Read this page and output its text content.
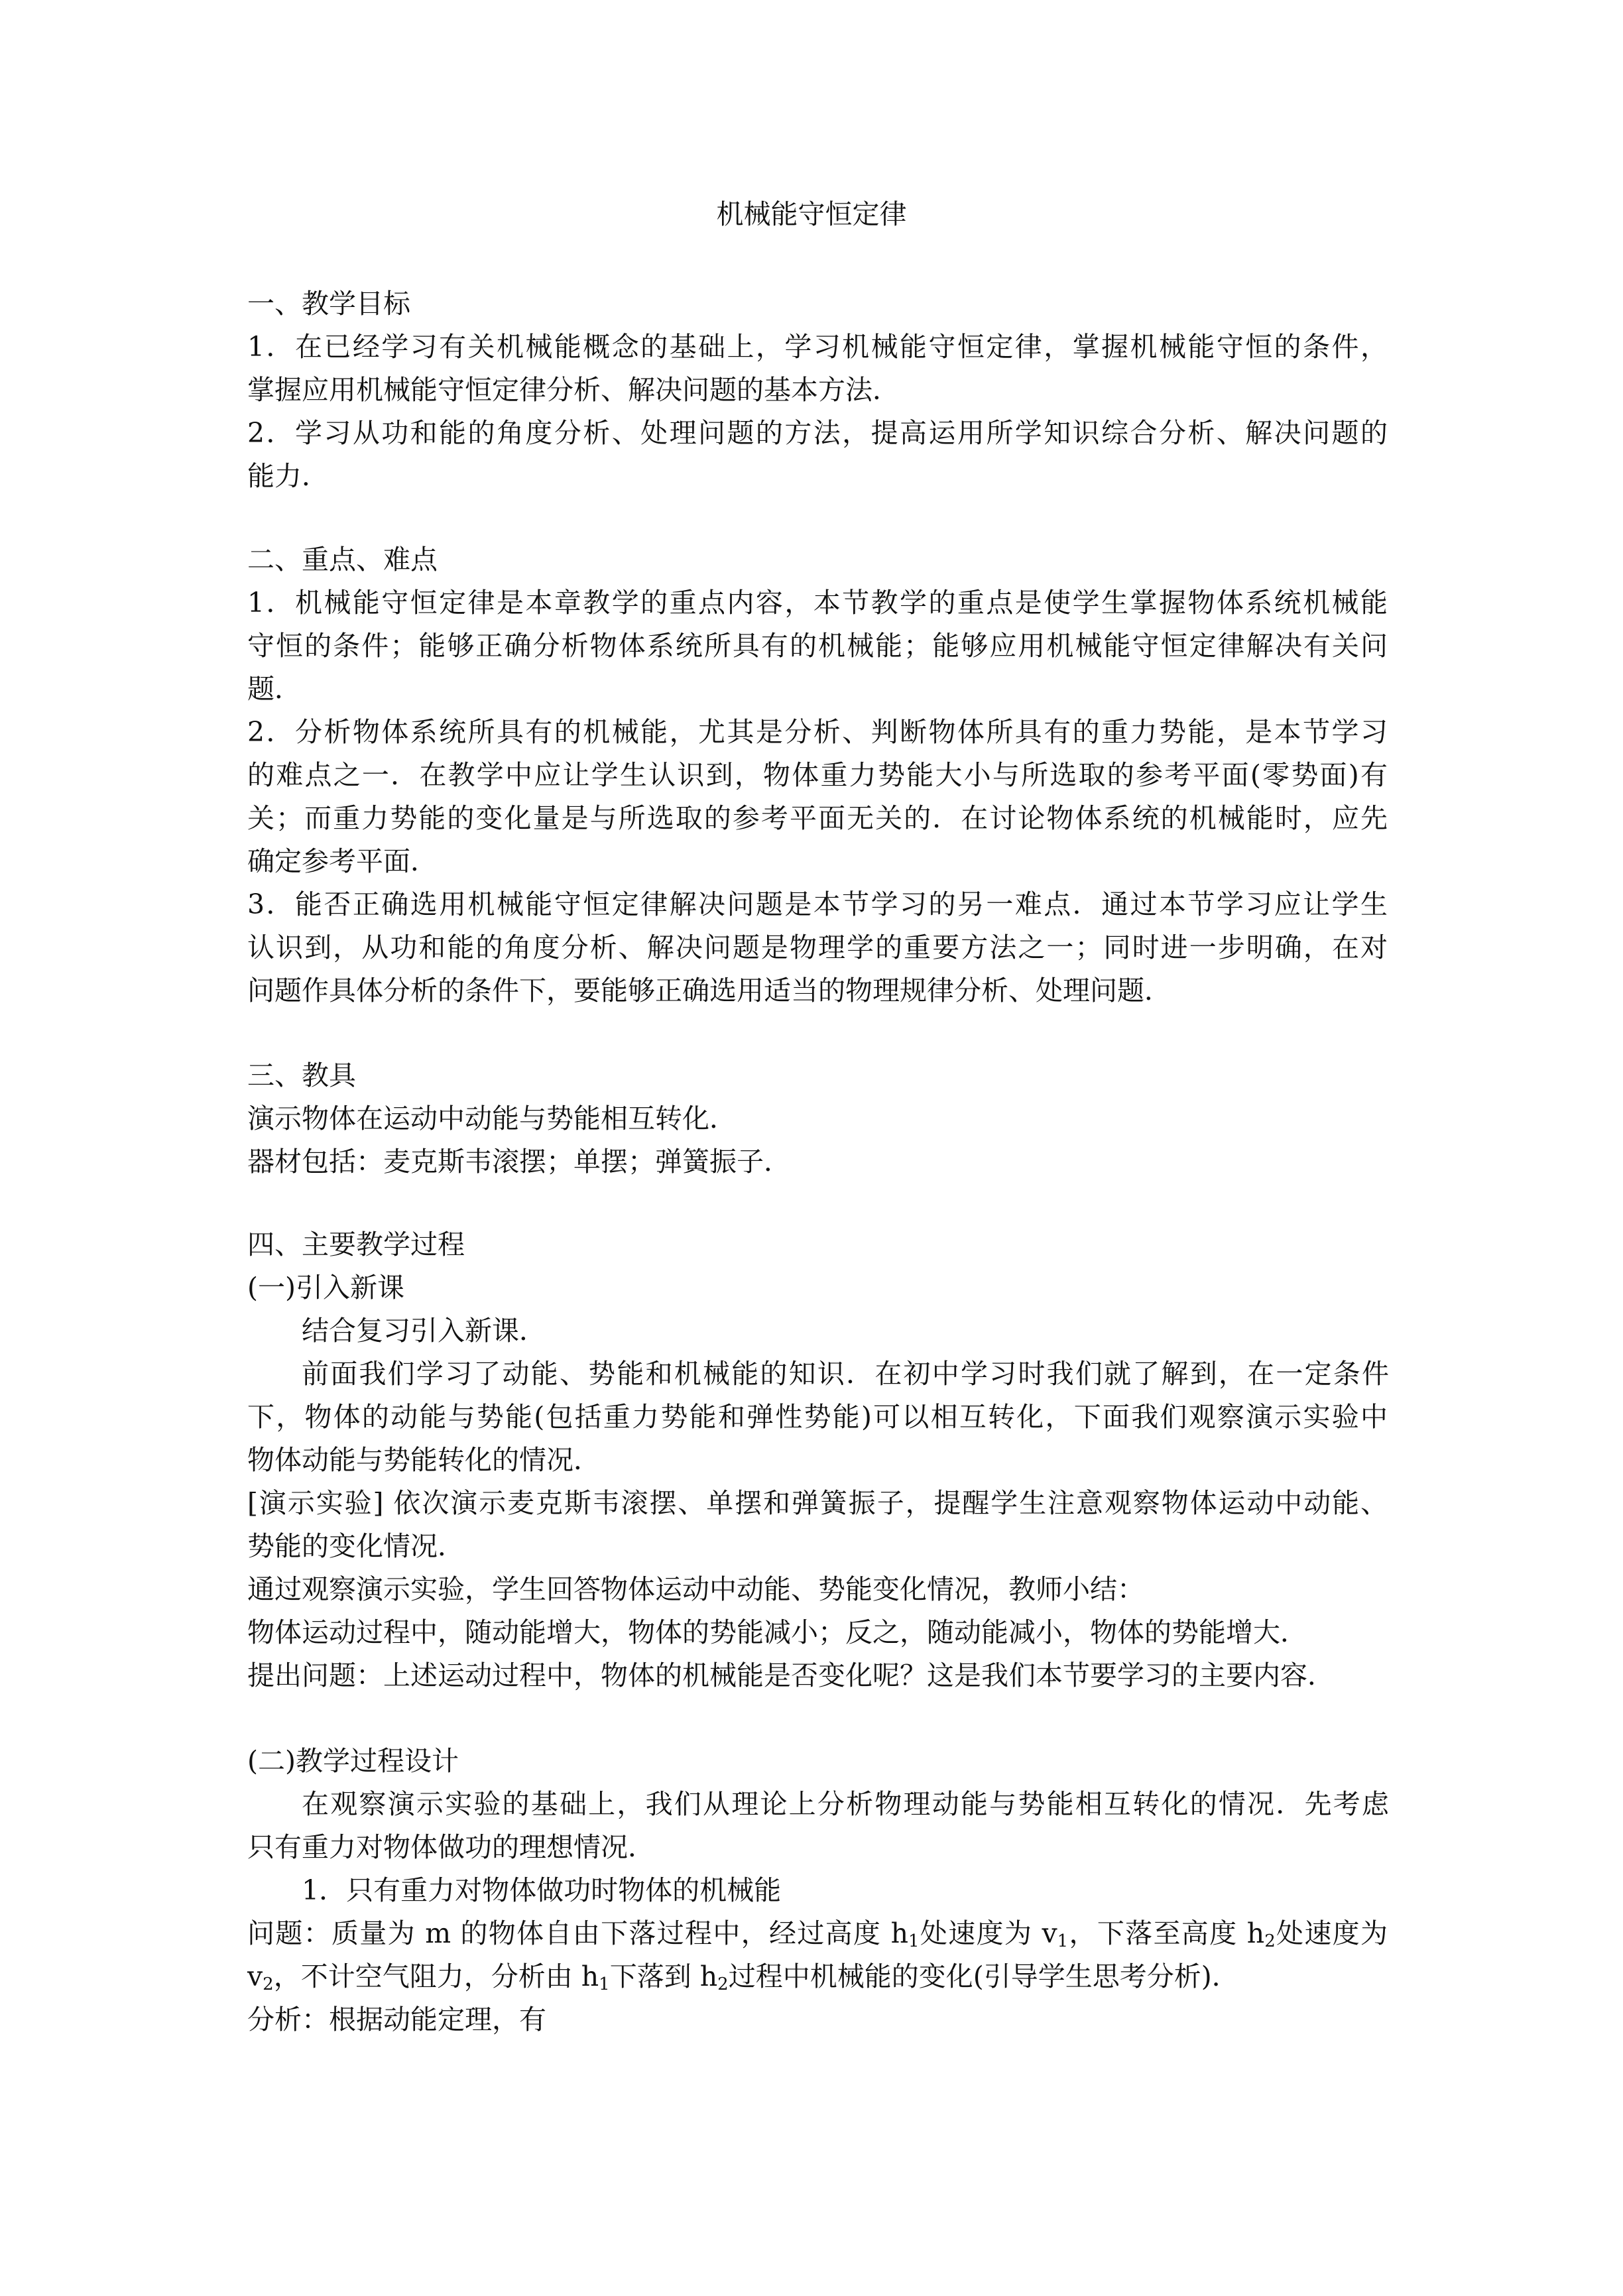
机械能守恒定律
一、教学目标
1．在已经学习有关机械能概念的基础上，学习机械能守恒定律，掌握机械能守恒的条件，
掌握应用机械能守恒定律分析、解决问题的基本方法．
2．学习从功和能的角度分析、处理问题的方法，提高运用所学知识综合分析、解决问题的
能力．
二、重点、难点
1．机械能守恒定律是本章教学的重点内容，本节教学的重点是使学生掌握物体系统机械能
守恒的条件；能够正确分析物体系统所具有的机械能；能够应用机械能守恒定律解决有关问
题．
2．分析物体系统所具有的机械能，尤其是分析、判断物体所具有的重力势能，是本节学习
的难点之一．在教学中应让学生认识到，物体重力势能大小与所选取的参考平面(零势面)有
关；而重力势能的变化量是与所选取的参考平面无关的．在讨论物体系统的机械能时，应先
确定参考平面．
3．能否正确选用机械能守恒定律解决问题是本节学习的另一难点．通过本节学习应让学生
认识到，从功和能的角度分析、解决问题是物理学的重要方法之一；同时进一步明确，在对
问题作具体分析的条件下，要能够正确选用适当的物理规律分析、处理问题．
三、教具
演示物体在运动中动能与势能相互转化．
器材包括：麦克斯韦滚摆；单摆；弹簧振子．
四、主要教学过程
(一)引入新课
结合复习引入新课．
前面我们学习了动能、势能和机械能的知识．在初中学习时我们就了解到，在一定条件
下，物体的动能与势能(包括重力势能和弹性势能)可以相互转化，下面我们观察演示实验中
物体动能与势能转化的情况．
[演示实验] 依次演示麦克斯韦滚摆、单摆和弹簧振子，提醒学生注意观察物体运动中动能、
势能的变化情况．
通过观察演示实验，学生回答物体运动中动能、势能变化情况，教师小结：
物体运动过程中，随动能增大，物体的势能减小；反之，随动能减小，物体的势能增大．
提出问题：上述运动过程中，物体的机械能是否变化呢？这是我们本节要学习的主要内容．
(二)教学过程设计
在观察演示实验的基础上，我们从理论上分析物理动能与势能相互转化的情况．先考虑
只有重力对物体做功的理想情况．
1．只有重力对物体做功时物体的机械能
问题：质量为 m 的物体自由下落过程中，经过高度 $h_1$处速度为 $v_1$，下落至高度 $h_2$处速度为
$v_2$，不计空气阻力，分析由 $h_1$下落到 $h_2$过程中机械能的变化(引导学生思考分析)．
分析：根据动能定理，有
